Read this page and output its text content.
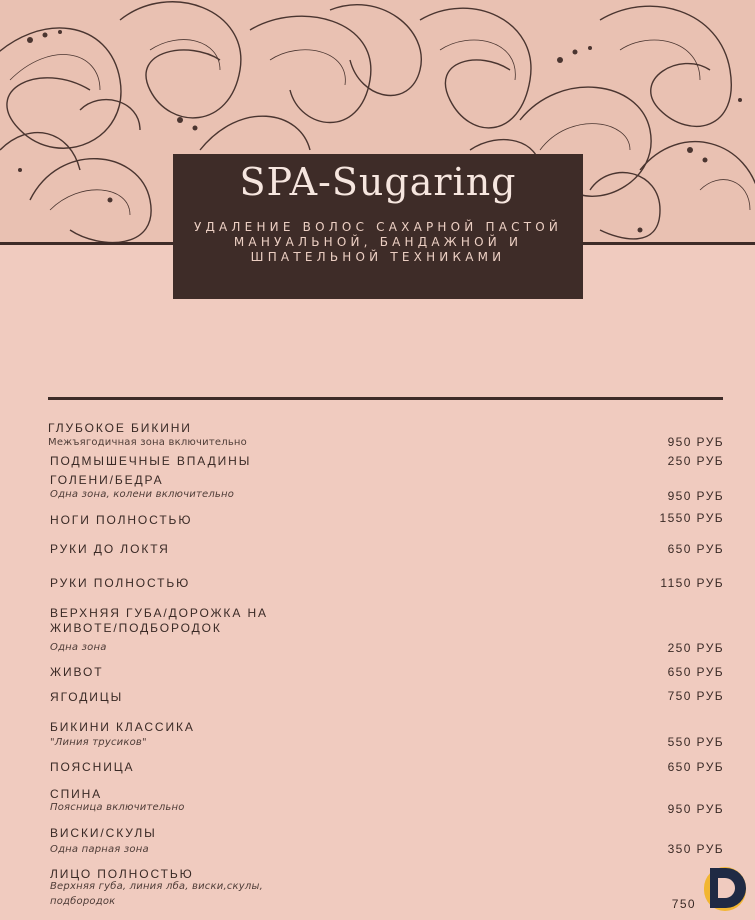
SPA-Sugaring
УДАЛЕНИЕ ВОЛОС САХАРНОЙ ПАСТОЙ
МАНУАЛЬНОЙ, БАНДАЖНОЙ И
ШПАТЕЛЬНОЙ ТЕХНИКАМИ
ГЛУБОКОЕ БИКИНИ
Межъягодичная зона включительно	950 РУБ
ПОДМЫШЕЧНЫЕ ВПАДИНЫ	250 РУБ
ГОЛЕНИ/БЕДРА
Одна зона, колени включительно	950 РУБ
НОГИ ПОЛНОСТЬЮ	1550 РУБ
РУКИ ДО ЛОКТЯ	650 РУБ
РУКИ ПОЛНОСТЬЮ	1150 РУБ
ВЕРХНЯЯ ГУБА/ДОРОЖКА НА
ЖИВОТЕ/ПОДБОРОДОК
Одна зона	250 РУБ
ЖИВОТ	650 РУБ
ЯГОДИЦЫ	750 РУБ
БИКИНИ КЛАССИКА
"Линия трусиков"	550 РУБ
ПОЯСНИЦА	650 РУБ
СПИНА
Поясница включительно	950 РУБ
ВИСКИ/СКУЛЫ
Одна парная зона	350 РУБ
ЛИЦО ПОЛНОСТЬЮ
Верхняя губа, линия лба, виски,скулы,
подбородок	750
